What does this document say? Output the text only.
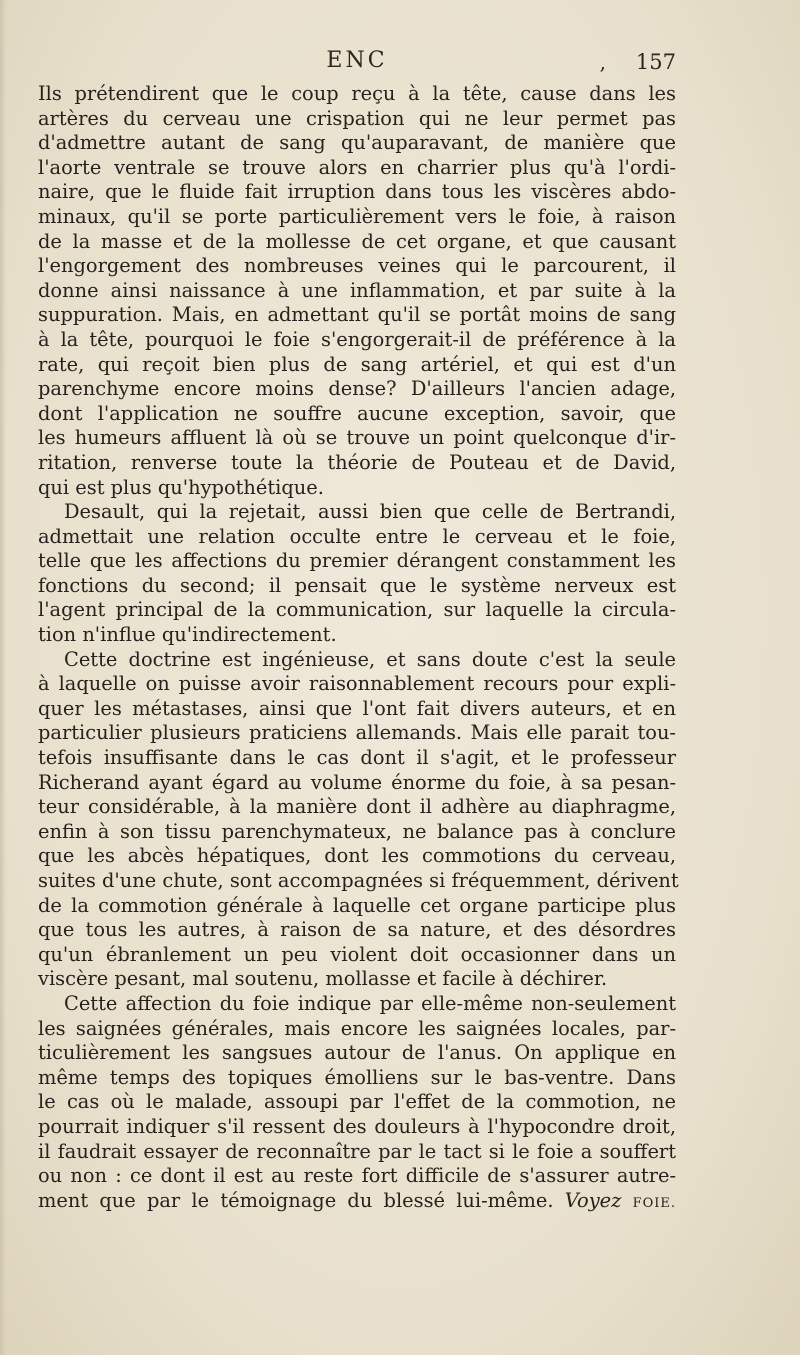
ENC	, 157
Ils prétendirent que le coup reçu à la tête, cause dans les
artères du cerveau une crispation qui ne leur permet pas
d'admettre autant de sang qu'auparavant, de manière que
l'aorte ventrale se trouve alors en charrier plus qu'à l'ordi-
naire, que le fluide fait irruption dans tous les viscères abdo-
minaux, qu'il se porte particulièrement vers le foie, à raison
de la masse et de la mollesse de cet organe, et que causant
l'engorgement des nombreuses veines qui le parcourent, il
donne ainsi naissance à une inflammation, et par suite à la
suppuration. Mais, en admettant qu'il se portât moins de sang
à la tête, pourquoi le foie s'engorgerait-il de préférence à la
rate, qui reçoit bien plus de sang artériel, et qui est d'un
parenchyme encore moins dense? D'ailleurs l'ancien adage,
dont l'application ne souffre aucune exception, savoir, que
les humeurs affluent là où se trouve un point quelconque d'ir-
ritation, renverse toute la théorie de Pouteau et de David,
qui est plus qu'hypothétique.
Desault, qui la rejetait, aussi bien que celle de Bertrandi,
admettait une relation occulte entre le cerveau et le foie,
telle que les affections du premier dérangent constamment les
fonctions du second; il pensait que le système nerveux est
l'agent principal de la communication, sur laquelle la circula-
tion n'influe qu'indirectement.
Cette doctrine est ingénieuse, et sans doute c'est la seule
à laquelle on puisse avoir raisonnablement recours pour expli-
quer les métastases, ainsi que l'ont fait divers auteurs, et en
particulier plusieurs praticiens allemands. Mais elle parait tou-
tefois insuffisante dans le cas dont il s'agit, et le professeur
Richerand ayant égard au volume énorme du foie, à sa pesan-
teur considérable, à la manière dont il adhère au diaphragme,
enfin à son tissu parenchymateux, ne balance pas à conclure
que les abcès hépatiques, dont les commotions du cerveau,
suites d'une chute, sont accompagnées si fréquemment, dérivent
de la commotion générale à laquelle cet organe participe plus
que tous les autres, à raison de sa nature, et des désordres
qu'un ébranlement un peu violent doit occasionner dans un
viscère pesant, mal soutenu, mollasse et facile à déchirer.
Cette affection du foie indique par elle-même non-seulement
les saignées générales, mais encore les saignées locales, par-
ticulièrement les sangsues autour de l'anus. On applique en
même temps des topiques émolliens sur le bas-ventre. Dans
le cas où le malade, assoupi par l'effet de la commotion, ne
pourrait indiquer s'il ressent des douleurs à l'hypocondre droit,
il faudrait essayer de reconnaître par le tact si le foie a souffert
ou non : ce dont il est au reste fort difficile de s'assurer autre-
ment que par le témoignage du blessé lui-même. Voyez FOIE.
